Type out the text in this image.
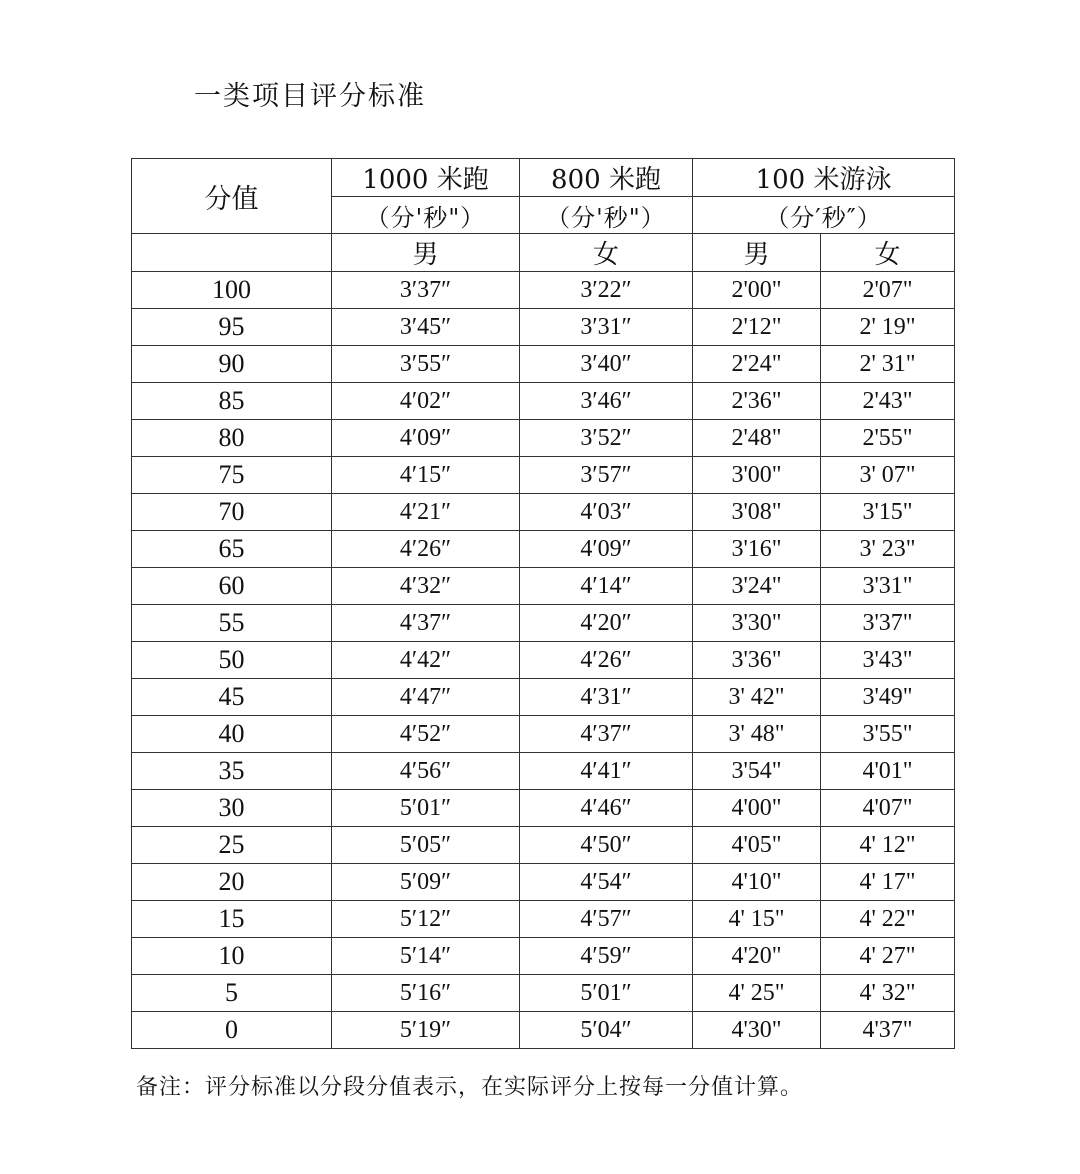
一类项目评分标准
分值	1000 米跑	800 米跑	100 米游泳	
	（分'秒"）	（分'秒"）	（分′秒″）	
	男	女	男	女
100	3′37″	3′22″	2'00"	2'07"
95	3′45″	3′31″	2'12"	2' 19"
90	3′55″	3′40″	2'24"	2' 31"
85	4′02″	3′46″	2'36"	2'43"
80	4′09″	3′52″	2'48"	2'55"
75	4′15″	3′57″	3'00"	3' 07"
70	4′21″	4′03″	3'08"	3'15"
65	4′26″	4′09″	3'16"	3' 23"
60	4′32″	4′14″	3'24"	3'31"
55	4′37″	4′20″	3'30"	3'37"
50	4′42″	4′26″	3'36"	3'43"
45	4′47″	4′31″	3' 42"	3'49"
40	4′52″	4′37″	3' 48"	3'55"
35	4′56″	4′41″	3'54"	4'01"
30	5′01″	4′46″	4'00"	4'07"
25	5′05″	4′50″	4'05"	4' 12"
20	5′09″	4′54″	4'10"	4' 17"
15	5′12″	4′57″	4' 15"	4' 22"
10	5′14″	4′59″	4'20"	4' 27"
5	5′16″	5′01″	4' 25"	4' 32"
0	5′19″	5′04″	4'30"	4'37"

备注：评分标准以分段分值表示，在实际评分上按每一分值计算。
